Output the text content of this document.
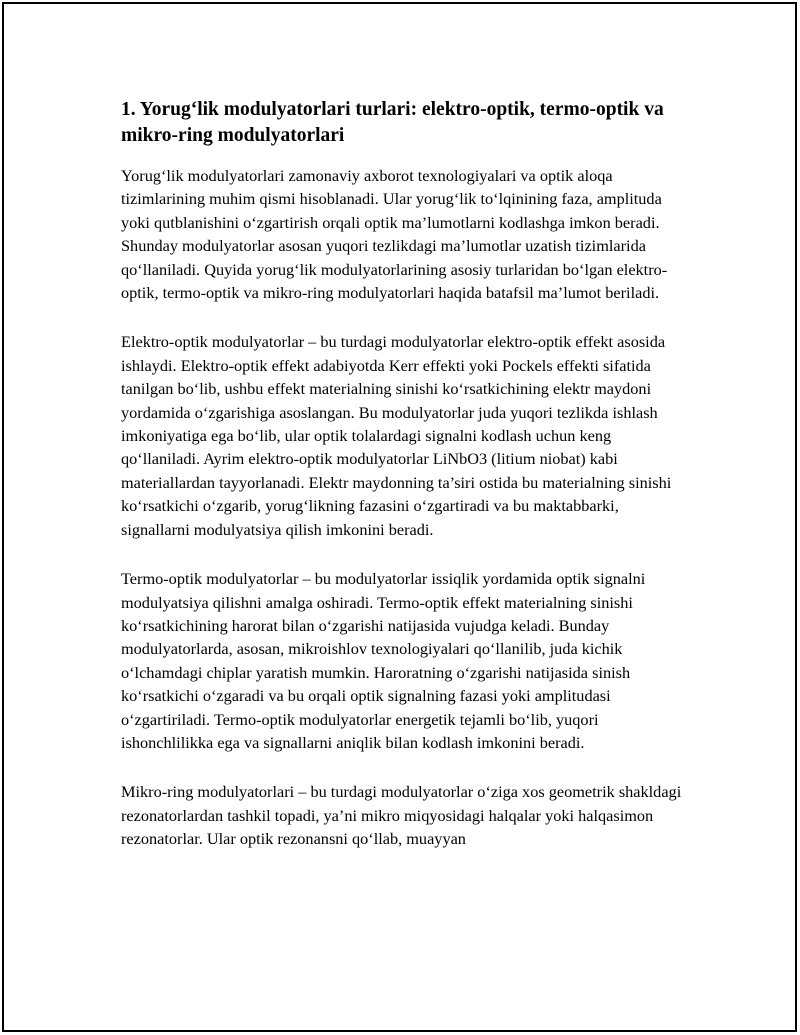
1. Yorug‘lik modulyatorlari turlari: elektro-optik, termo-optik va mikro-ring modulyatorlari

Yorug‘lik modulyatorlari zamonaviy axborot texnologiyalari va optik aloqa tizimlarining muhim qismi hisoblanadi. Ular yorug‘lik to‘lqinining faza, amplituda yoki qutblanishini o‘zgartirish orqali optik ma’lumotlarni kodlashga imkon beradi. Shunday modulyatorlar asosan yuqori tezlikdagi ma’lumotlar uzatish tizimlarida qo‘llaniladi. Quyida yorug‘lik modulyatorlarining asosiy turlaridan bo‘lgan elektro-optik, termo-optik va mikro-ring modulyatorlari haqida batafsil ma’lumot beriladi.

Elektro-optik modulyatorlar – bu turdagi modulyatorlar elektro-optik effekt asosida ishlaydi. Elektro-optik effekt adabiyotda Kerr effekti yoki Pockels effekti sifatida tanilgan bo‘lib, ushbu effekt materialning sinishi ko‘rsatkichining elektr maydoni yordamida o‘zgarishiga asoslangan. Bu modulyatorlar juda yuqori tezlikda ishlash imkoniyatiga ega bo‘lib, ular optik tolalardagi signalni kodlash uchun keng qo‘llaniladi. Ayrim elektro-optik modulyatorlar LiNbO3 (litium niobat) kabi materiallardan tayyorlanadi. Elektr maydonning ta’siri ostida bu materialning sinishi ko‘rsatkichi o‘zgarib, yorug‘likning fazasini o‘zgartiradi va bu maktabbarki, signallarni modulyatsiya qilish imkonini beradi.

Termo-optik modulyatorlar – bu modulyatorlar issiqlik yordamida optik signalni modulyatsiya qilishni amalga oshiradi. Termo-optik effekt materialning sinishi ko‘rsatkichining harorat bilan o‘zgarishi natijasida vujudga keladi. Bunday modulyatorlarda, asosan, mikroishlov texnologiyalari qo‘llanilib, juda kichik o‘lchamdagi chiplar yaratish mumkin. Haroratning o‘zgarishi natijasida sinish ko‘rsatkichi o‘zgaradi va bu orqali optik signalning fazasi yoki amplitudasi o‘zgartiriladi. Termo-optik modulyatorlar energetik tejamli bo‘lib, yuqori ishonchlilikka ega va signallarni aniqlik bilan kodlash imkonini beradi.

Mikro-ring modulyatorlari – bu turdagi modulyatorlar o‘ziga xos geometrik shakldagi rezonatorlardan tashkil topadi, ya’ni mikro miqyosidagi halqalar yoki halqasimon rezonatorlar. Ular optik rezonansni qo‘llab, muayyan
